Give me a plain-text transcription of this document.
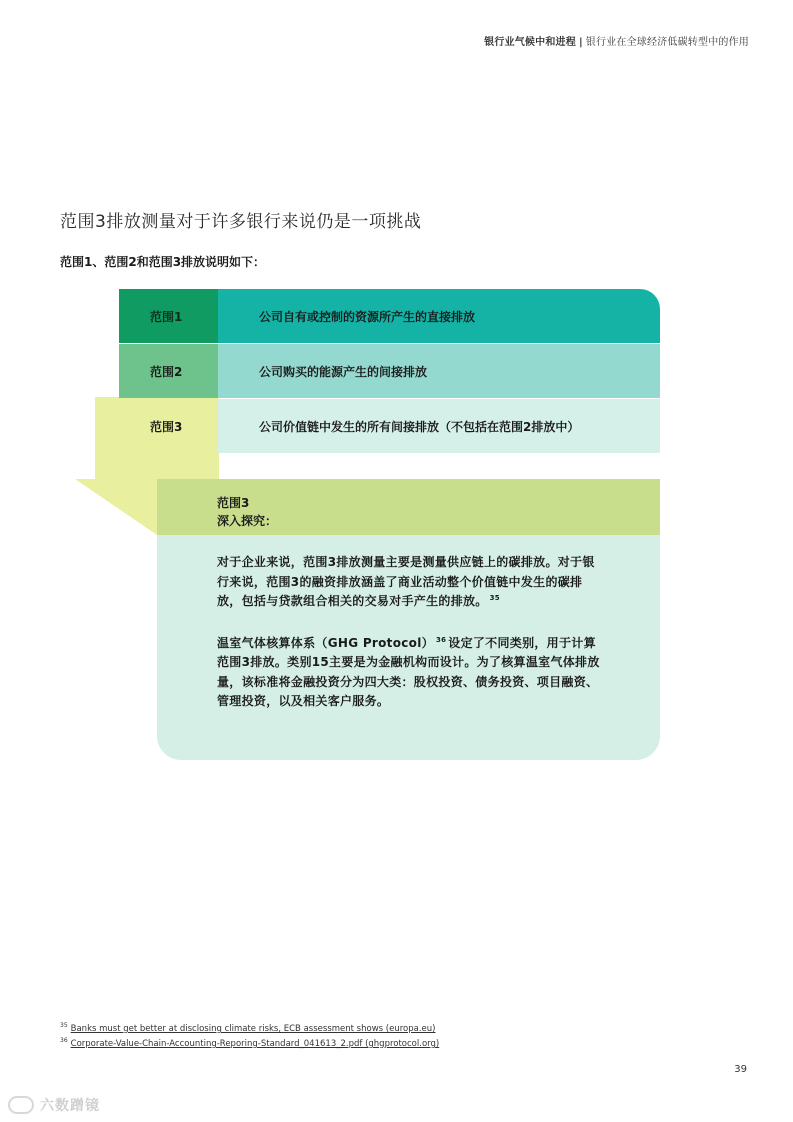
银行业气候中和进程 | 银行业在全球经济低碳转型中的作用
范围3排放测量对于许多银行来说仍是一项挑战
范围1、范围2和范围3排放说明如下：
范围1	公司自有或控制的资源所产生的直接排放
范围2	公司购买的能源产生的间接排放
范围3	公司价值链中发生的所有间接排放（不包括在范围2排放中）
范围3
深入探究：

对于企业来说，范围3排放测量主要是测量供应链上的碳排放。对于银行来说，范围3的融资排放涵盖了商业活动整个价值链中发生的碳排放，包括与贷款组合相关的交易对手产生的排放。 $^{35}$

温室气体核算体系（GHG Protocol） $^{36}$ 设定了不同类别，用于计算范围3排放。类别15主要是为金融机构而设计。为了核算温室气体排放量，该标准将金融投资分为四大类：股权投资、债务投资、项目融资、管理投资，以及相关客户服务。

$^{35}$ Banks must get better at disclosing climate risks, ECB assessment shows (europa.eu)
$^{36}$ Corporate-Value-Chain-Accounting-Reporing-Standard_041613_2.pdf (ghgprotocol.org)
39
六数蹭镜
